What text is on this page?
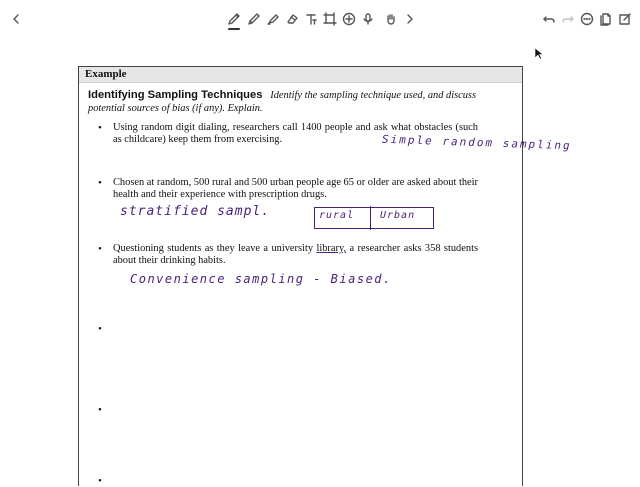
Example
Identifying Sampling Techniques Identify the sampling technique used, and discuss potential sources of bias (if any). Explain.
• Using random digit dialing, researchers call 1400 people and ask what obstacles (such as childcare) keep them from exercising.
• Chosen at random, 500 rural and 500 urban people age 65 or older are asked about their health and their experience with prescription drugs.
• Questioning students as they leave a university library, a researcher asks 358 students about their drinking habits.
•
•
•
Simple random sampling
stratified sampl.	rural	Urban
Convenience sampling - Biased.
